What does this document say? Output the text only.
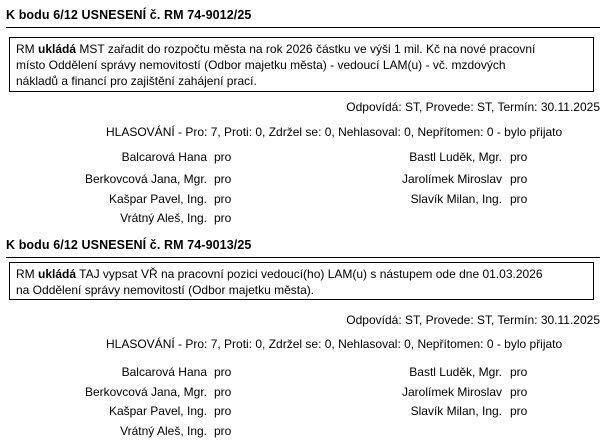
K bodu 6/12 USNESENÍ č. RM 74-9012/25
RM ukládá MST zařadit do rozpočtu města na rok 2026 částku ve výši 1 mil. Kč na nové pracovní
místo Oddělení správy nemovitostí (Odbor majetku města) - vedoucí LAM(u) - vč. mzdových
nákladů a financí pro zajištění zahájení prací.
Odpovídá: ST, Provede: ST, Termín: 30.11.2025
HLASOVÁNÍ - Pro: 7, Proti: 0, Zdržel se: 0, Nehlasoval: 0, Nepřítomen: 0 - bylo přijato
Balcarová Hana pro
Berkovcová Jana, Mgr. pro
Kašpar Pavel, Ing. pro
Vrátný Aleš, Ing. pro
Bastl Luděk, Mgr. pro
Jarolímek Miroslav pro
Slavík Milan, Ing. pro
K bodu 6/12 USNESENÍ č. RM 74-9013/25
RM ukládá TAJ vypsat VŘ na pracovní pozici vedoucí(ho) LAM(u) s nástupem ode dne 01.03.2026
na Oddělení správy nemovitostí (Odbor majetku města).
Odpovídá: ST, Provede: ST, Termín: 30.11.2025
HLASOVÁNÍ - Pro: 7, Proti: 0, Zdržel se: 0, Nehlasoval: 0, Nepřítomen: 0 - bylo přijato
Balcarová Hana pro
Berkovcová Jana, Mgr. pro
Kašpar Pavel, Ing. pro
Vrátný Aleš, Ing. pro
Bastl Luděk, Mgr. pro
Jarolímek Miroslav pro
Slavík Milan, Ing. pro
